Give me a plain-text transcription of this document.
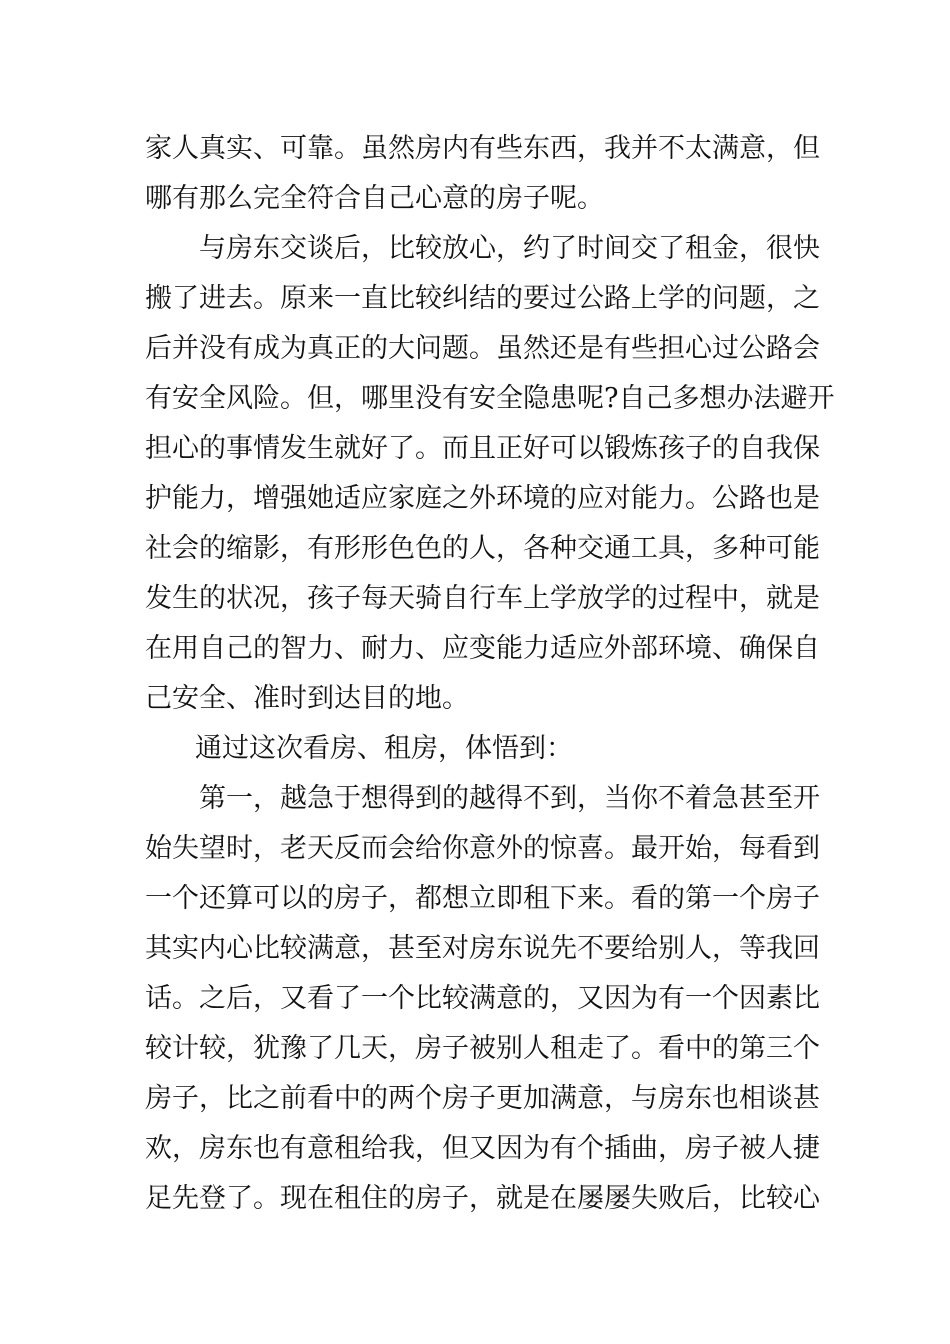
家人真实、可靠。虽然房内有些东西，我并不太满意，但
哪有那么完全符合自己心意的房子呢。
与房东交谈后，比较放心，约了时间交了租金，很快
搬了进去。原来一直比较纠结的要过公路上学的问题，之
后并没有成为真正的大问题。虽然还是有些担心过公路会
有安全风险。但，哪里没有安全隐患呢?自己多想办法避开
担心的事情发生就好了。而且正好可以锻炼孩子的自我保
护能力，增强她适应家庭之外环境的应对能力。公路也是
社会的缩影，有形形色色的人，各种交通工具，多种可能
发生的状况，孩子每天骑自行车上学放学的过程中，就是
在用自己的智力、耐力、应变能力适应外部环境、确保自
己安全、准时到达目的地。
通过这次看房、租房，体悟到：
第一，越急于想得到的越得不到，当你不着急甚至开
始失望时，老天反而会给你意外的惊喜。最开始，每看到
一个还算可以的房子，都想立即租下来。看的第一个房子
其实内心比较满意，甚至对房东说先不要给别人，等我回
话。之后，又看了一个比较满意的，又因为有一个因素比
较计较，犹豫了几天，房子被别人租走了。看中的第三个
房子，比之前看中的两个房子更加满意，与房东也相谈甚
欢，房东也有意租给我，但又因为有个插曲，房子被人捷
足先登了。现在租住的房子，就是在屡屡失败后，比较心
